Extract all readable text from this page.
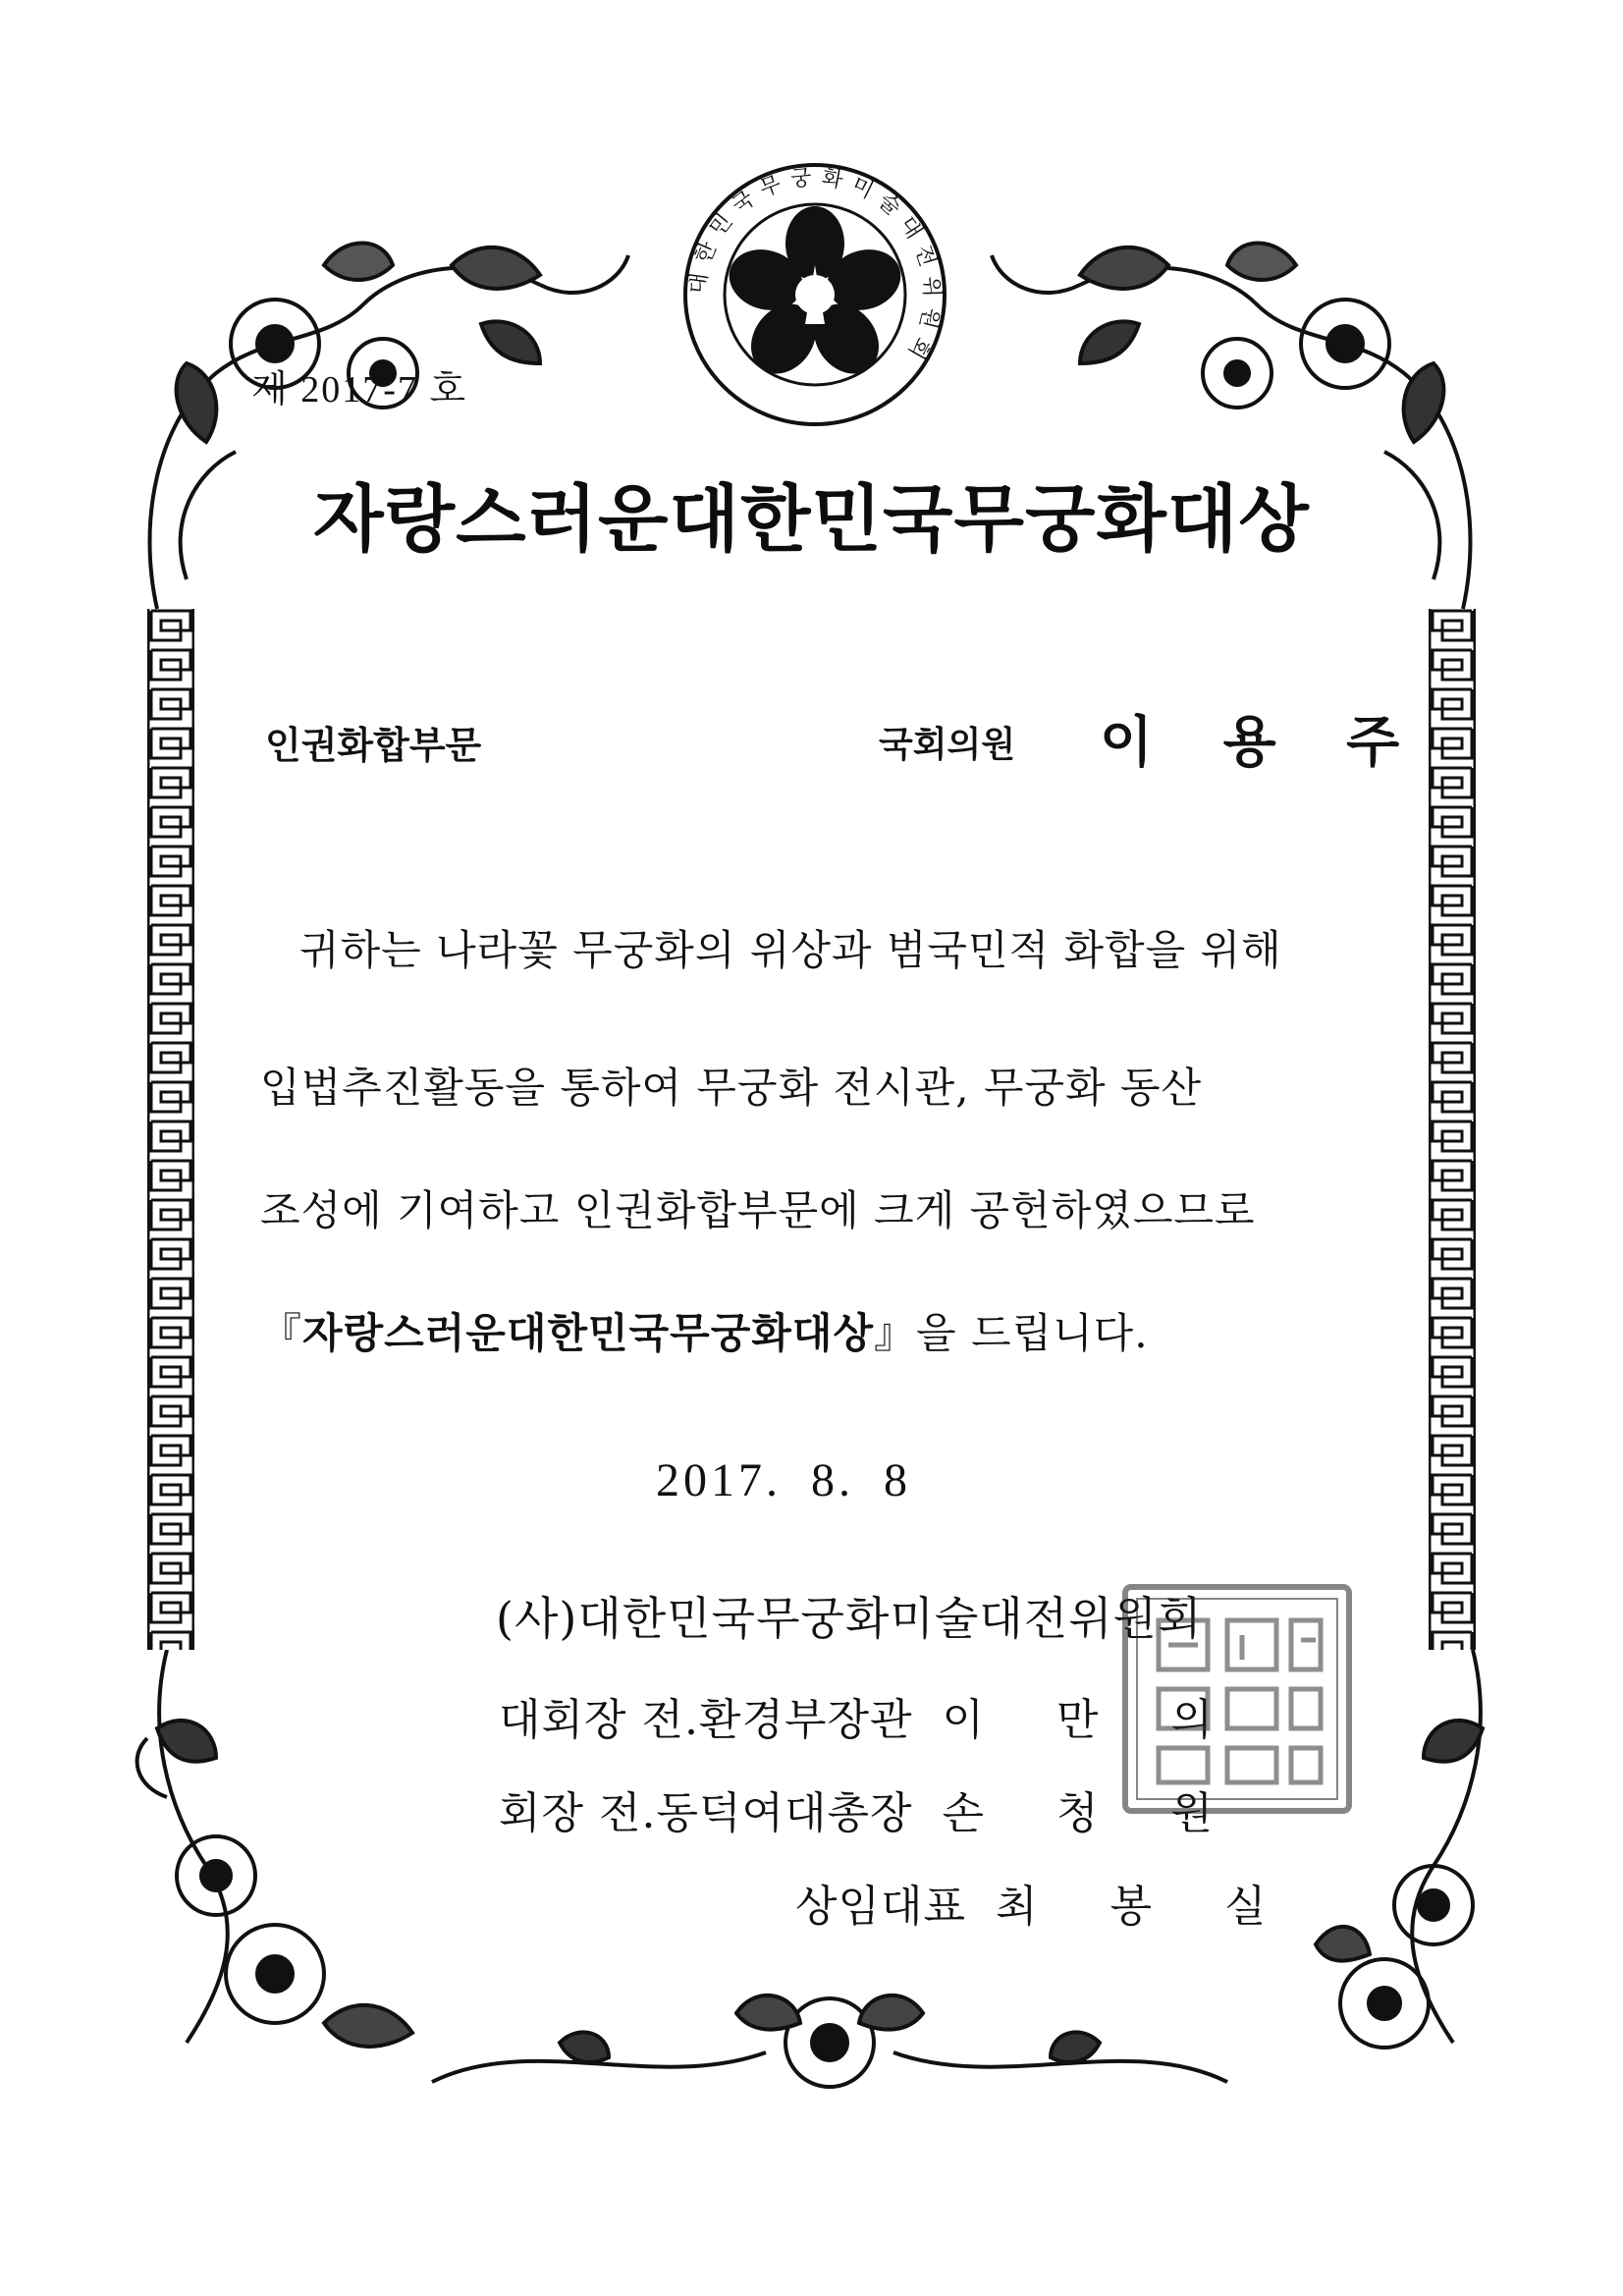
대한민국무궁화미술대전위원회
제 2017-7 호
자랑스러운대한민국무궁화대상
인권화합부문	국회의원 이 용 주
귀하는 나라꽃 무궁화의 위상과 범국민적 화합을 위해
입법추진활동을 통하여 무궁화 전시관, 무궁화 동산
조성에 기여하고 인권화합부문에 크게 공헌하였으므로
『자랑스러운대한민국무궁화대상』을 드립니다.
2017. 8. 8
(사)대한민국무궁화미술대전위원회
대회장 전.환경부장관 이 만 의
회장 전.동덕여대총장 손 청 원
상임대표 최 봉 실
